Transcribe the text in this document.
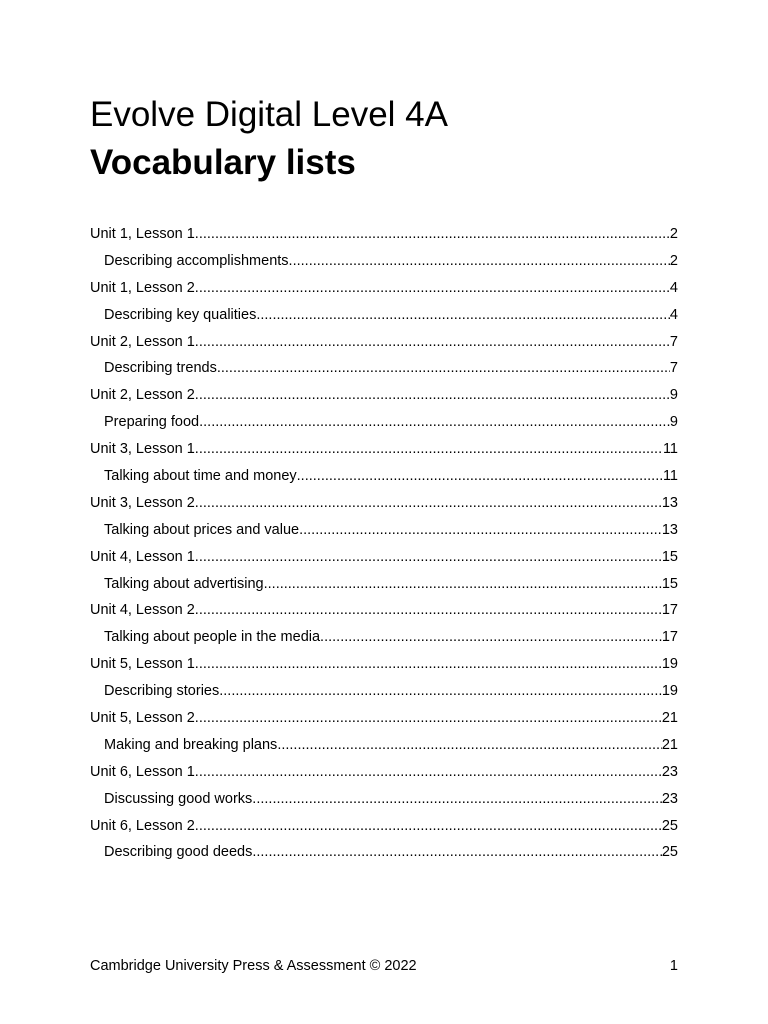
Evolve Digital Level 4A
Vocabulary lists
Unit 1, Lesson 1 .....	2
Describing accomplishments .....	2
Unit 1, Lesson 2 .....	4
Describing key qualities .....	4
Unit 2, Lesson 1 .....	7
Describing trends .....	7
Unit 2, Lesson 2 .....	9
Preparing food .....	9
Unit 3, Lesson 1 .....	11
Talking about time and money .....	11
Unit 3, Lesson 2 .....	13
Talking about prices and value .....	13
Unit 4, Lesson 1 .....	15
Talking about advertising .....	15
Unit 4, Lesson 2 .....	17
Talking about people in the media .....	17
Unit 5, Lesson 1 .....	19
Describing stories .....	19
Unit 5, Lesson 2 .....	21
Making and breaking plans .....	21
Unit 6, Lesson 1 .....	23
Discussing good works .....	23
Unit 6, Lesson 2 .....	25
Describing good deeds .....	25
Cambridge University Press & Assessment © 2022	1
